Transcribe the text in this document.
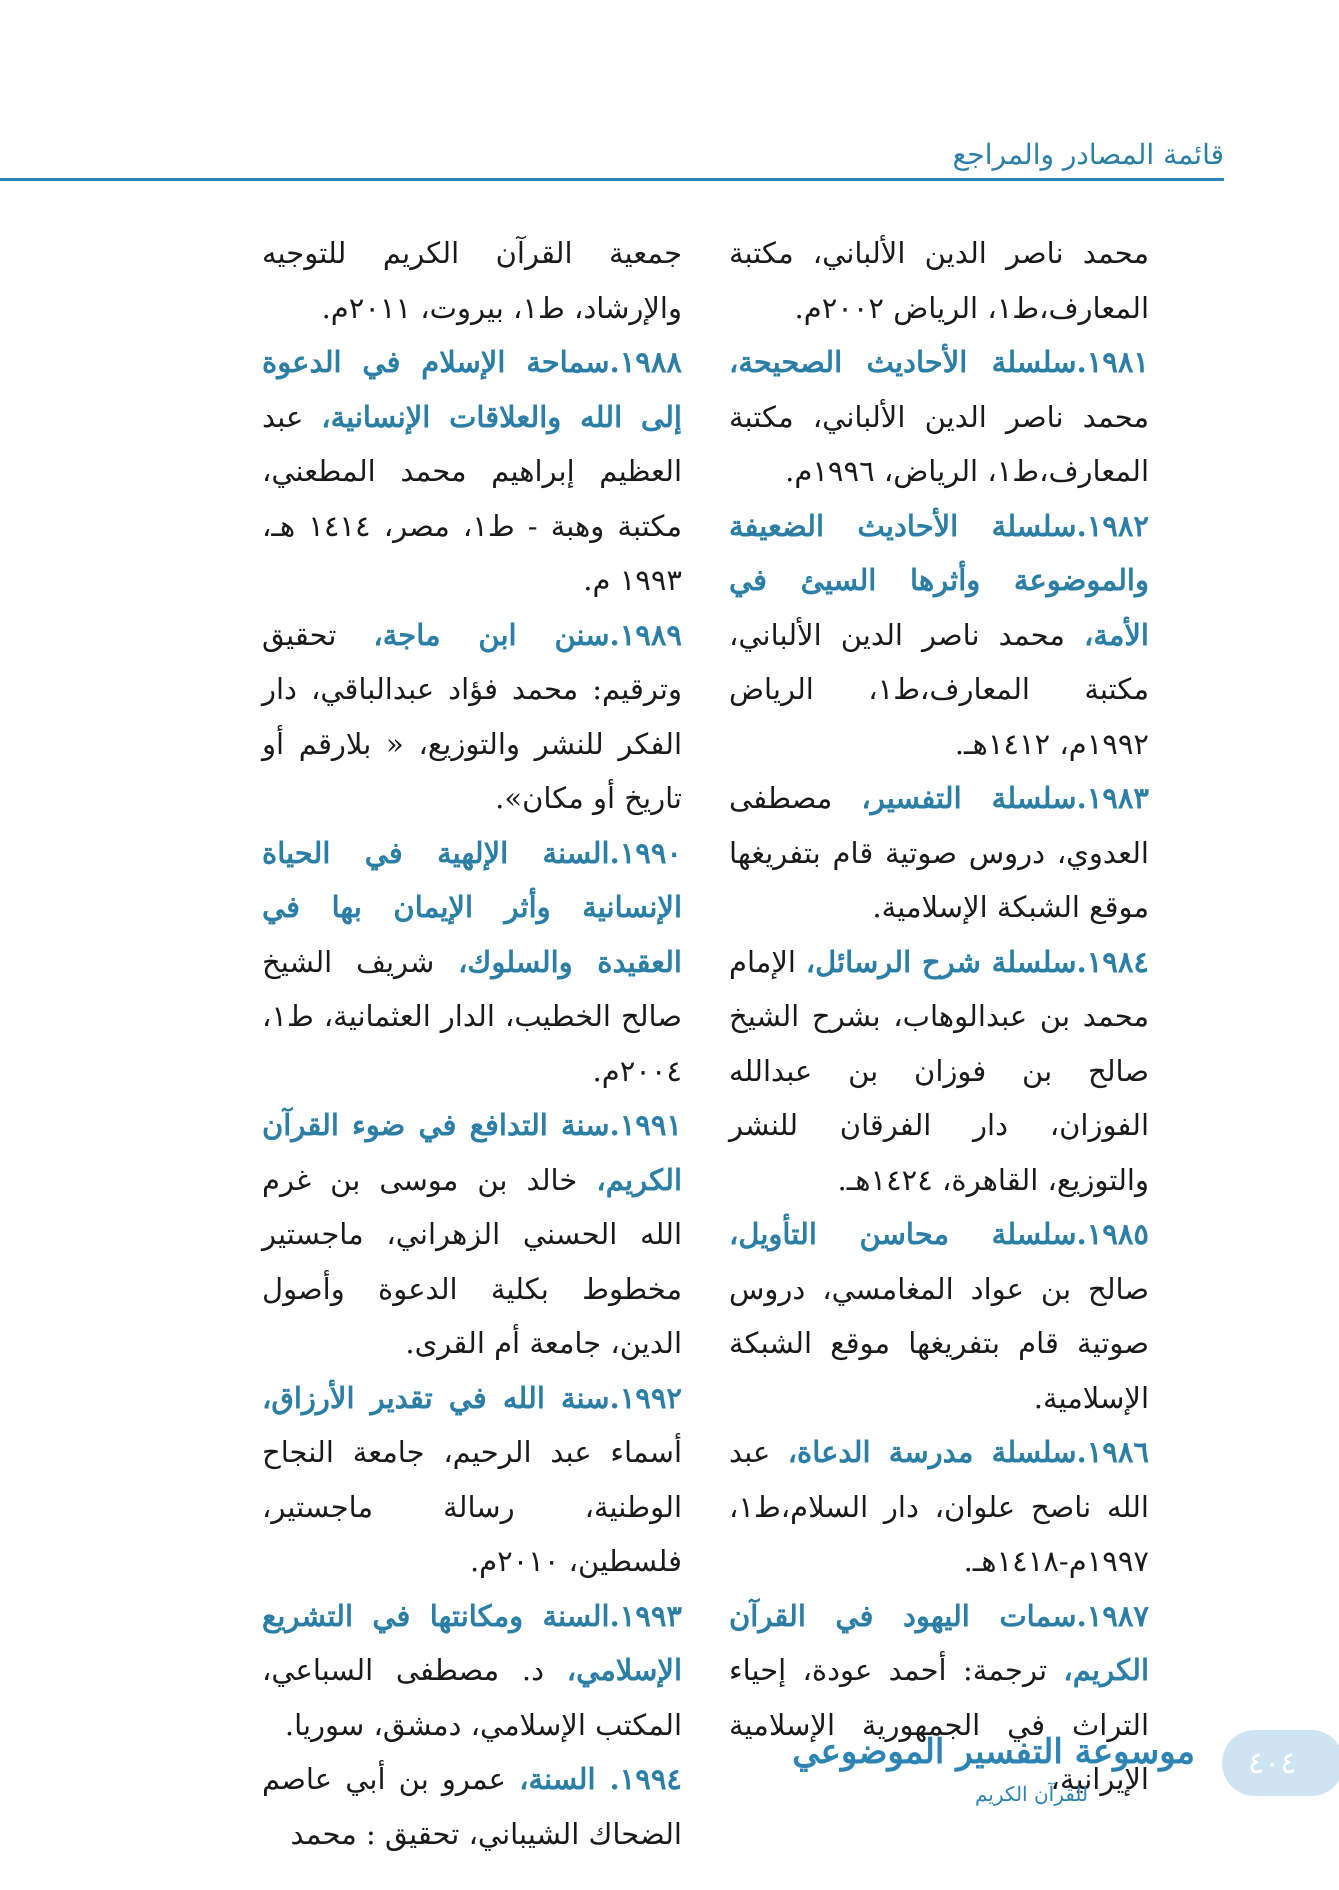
قائمة المصادر والمراجع

محمد ناصر الدين الألباني، مكتبة المعارف،ط١، الرياض ٢٠٠٢م.

١٩٨١.سلسلة الأحاديث الصحيحة، محمد ناصر الدين الألباني، مكتبة المعارف،ط١، الرياض، ١٩٩٦م.

١٩٨٢.سلسلة الأحاديث الضعيفة والموضوعة وأثرها السيئ في الأمة، محمد ناصر الدين الألباني، مكتبة المعارف،ط١، الرياض ١٩٩٢م، ١٤١٢هـ.

١٩٨٣.سلسلة التفسير، مصطفى العدوي، دروس صوتية قام بتفريغها موقع الشبكة الإسلامية.

١٩٨٤.سلسلة شرح الرسائل، الإمام محمد بن عبدالوهاب، بشرح الشيخ صالح بن فوزان بن عبدالله الفوزان، دار الفرقان للنشر والتوزيع، القاهرة، ١٤٢٤هـ.

١٩٨٥.سلسلة محاسن التأويل، صالح بن عواد المغامسي، دروس صوتية قام بتفريغها موقع الشبكة الإسلامية.

١٩٨٦.سلسلة مدرسة الدعاة، عبد الله ناصح علوان، دار السلام،ط١، ١٩٩٧م-١٤١٨هـ.

١٩٨٧.سمات اليهود في القرآن الكريم، ترجمة: أحمد عودة، إحياء التراث في الجمهورية الإسلامية الإيرانية،

جمعية القرآن الكريم للتوجيه والإرشاد، ط١، بيروت، ٢٠١١م.

١٩٨٨.سماحة الإسلام في الدعوة إلى الله والعلاقات الإنسانية، عبد العظيم إبراهيم محمد المطعني، مكتبة وهبة - ط١، مصر، ١٤١٤ هـ، ١٩٩٣ م.

١٩٨٩.سنن ابن ماجة، تحقيق وترقيم: محمد فؤاد عبدالباقي، دار الفكر للنشر والتوزيع، « بلارقم أو تاريخ أو مكان».

١٩٩٠.السنة الإلهية في الحياة الإنسانية وأثر الإيمان بها في العقيدة والسلوك، شريف الشيخ صالح الخطيب، الدار العثمانية، ط١، ٢٠٠٤م.

١٩٩١.سنة التدافع في ضوء القرآن الكريم، خالد بن موسى بن غرم الله الحسني الزهراني، ماجستير مخطوط بكلية الدعوة وأصول الدين، جامعة أم القرى.

١٩٩٢.سنة الله في تقدير الأرزاق، أسماء عبد الرحيم، جامعة النجاح الوطنية، رسالة ماجستير، فلسطين، ٢٠١٠م.

١٩٩٣.السنة ومكانتها في التشريع الإسلامي، د. مصطفى السباعي، المكتب الإسلامي، دمشق، سوريا.

١٩٩٤. السنة، عمرو بن أبي عاصم الضحاك الشيباني، تحقيق : محمد

موسوعة التفسير الموضوعي
للقرآن الكريم
٤٠٤
